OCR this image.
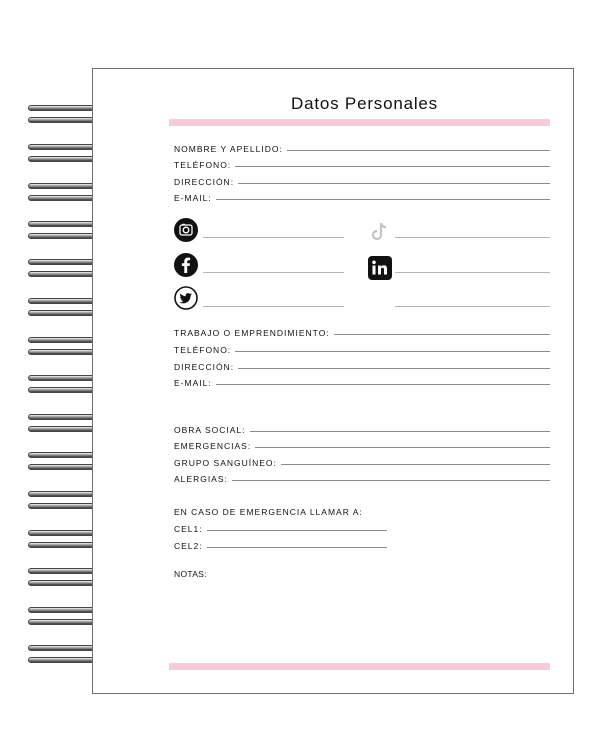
Datos Personales
NOMBRE Y APELLIDO:
TELÉFONO:
DIRECCIÓN:
E-MAIL:
TRABAJO O EMPRENDIMIENTO:
TELÉFONO:
DIRECCIÓN:
E-MAIL:
OBRA SOCIAL:
EMERGENCIAS:
GRUPO SANGUÍNEO:
ALERGIAS:
EN CASO DE EMERGENCIA LLAMAR A:
CEL1:
CEL2:
NOTAS:
